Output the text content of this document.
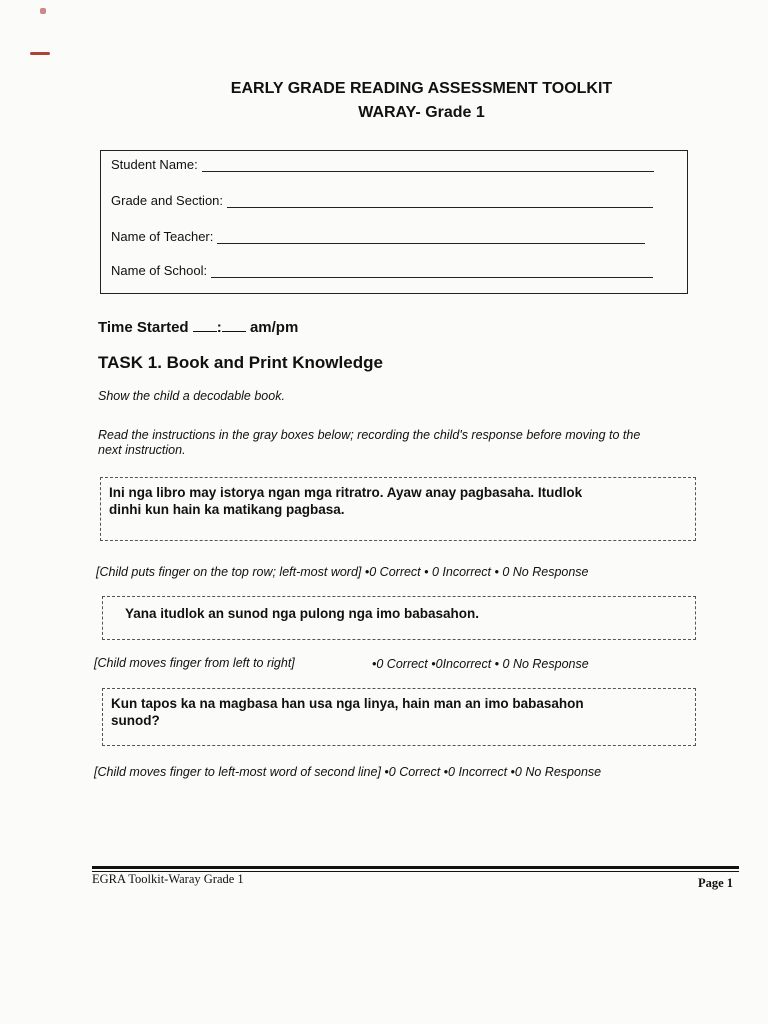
EARLY GRADE READING ASSESSMENT TOOLKIT
WARAY- Grade 1
Student Name:
Grade and Section:
Name of Teacher:
Name of School:
Time Started : am/pm
TASK 1. Book and Print Knowledge
Show the child a decodable book.
Read the instructions in the gray boxes below; recording the child's response before moving to the
next instruction.
Ini nga libro may istorya ngan mga ritratro. Ayaw anay pagbasaha. Itudlok
dinhi kun hain ka matikang pagbasa.
[Child puts finger on the top row; left-most word] •0 Correct • 0 Incorrect • 0 No Response
Yana itudlok an sunod nga pulong nga imo babasahon.
[Child moves finger from left to right]	•0 Correct •0Incorrect • 0 No Response
Kun tapos ka na magbasa han usa nga linya, hain man an imo babasahon
sunod?
[Child moves finger to left-most word of second line] •0 Correct •0 Incorrect •0 No Response
EGRA Toolkit-Waray Grade 1	Page 1
